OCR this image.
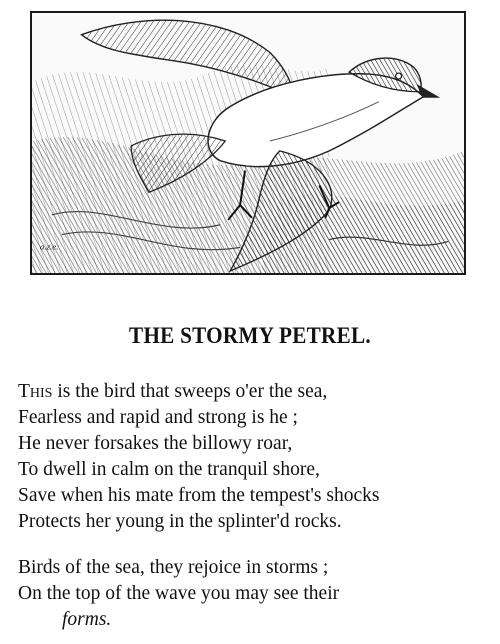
a.z.e.
THE STORMY PETREL.
This is the bird that sweeps o'er the sea,
Fearless and rapid and strong is he ;
He never forsakes the billowy roar,
To dwell in calm on the tranquil shore,
Save when his mate from the tempest's shocks
Protects her young in the splinter'd rocks.
Birds of the sea, they rejoice in storms ;
On the top of the wave you may see their
forms.
